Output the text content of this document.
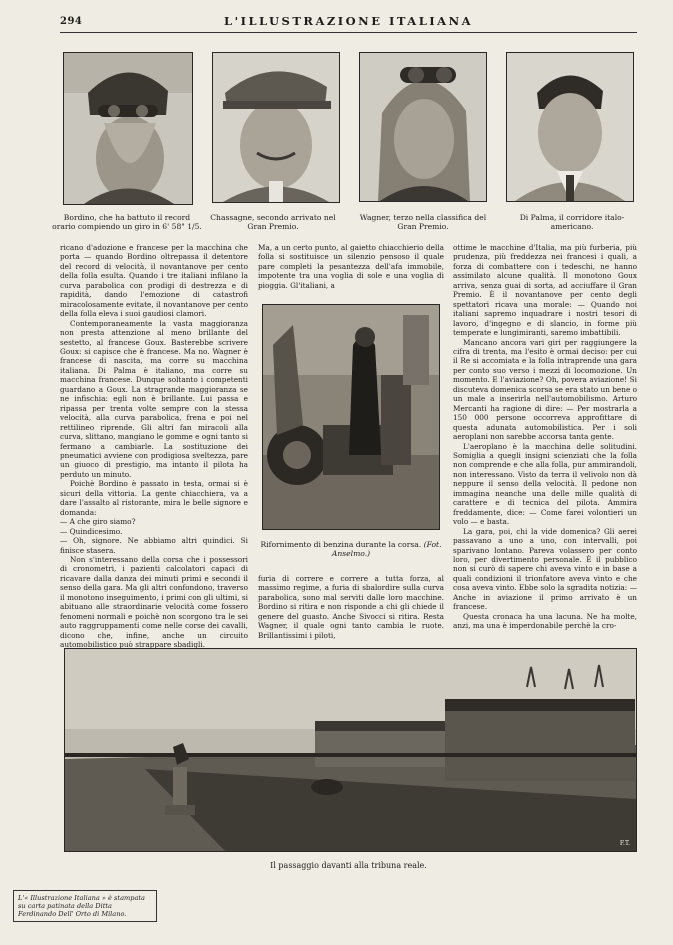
294	L'ILLUSTRAZIONE ITALIANA
Bordino, che ha battuto il record orario compiendo un giro in 6' 58" 1/5.
Chassagne, secondo arrivato nel Gran Premio.
Wagner, terzo nella classifica del Gran Premio.
Di Palma, il corridore italo-americano.

ricano d'adozione e francese per la macchina che porta — quando Bordino oltrepassa il detentore del record di velocità, il novantanove per cento della folla esulta. Quando i tre italiani infilano la curva parabolica con prodigi di destrezza e di rapidità, dando l'emozione di catastrofi miracolosamente evitate, il novantanove per cento della folla eleva i suoi gaudiosi clamori.

Contemporaneamente la vasta maggioranza non presta attenzione al meno brillante del sestetto, al francese Goux. Basterebbe scrivere Goux: si capisce che è francese. Ma no. Wagner è francese di nascita, ma corre su macchina italiana. Di Palma è italiano, ma corre su macchina francese. Dunque soltanto i competenti guardano a Goux. La stragrande maggioranza se ne infischia: egli non è brillante. Lui passa e ripassa per trenta volte sempre con la stessa velocità, alla curva parabolica, frena e poi nel rettilineo riprende. Gli altri fan miracoli alla curva, slittano, mangiano le gomme e ogni tanto si fermano a cambiarle. La sostituzione dei pneumatici avviene con prodigiosa sveltezza, pare un giuoco di prestigio, ma intanto il pilota ha perduto un minuto.

Poichè Bordino è passato in testa, ormai si è sicuri della vittoria. La gente chiacchiera, va a dare l'assalto al ristorante, mira le belle signore e domanda:

— A che giro siamo?

— Quindicesimo.

— Oh, signore. Ne abbiamo altri quindici. Si finisce stasera.

Non s'interessano della corsa che i possessori di cronometri, i pazienti calcolatori capaci di ricavare dalla danza dei minuti primi e secondi il senso della gara. Ma gli altri confondono, traverso il monotono inseguimento, i primi con gli ultimi, si abituano alle straordinarie velocità come fossero fenomeni normali e poichè non scorgono tra le sei auto raggruppamenti come nelle corse dei cavalli, dicono che, infine, anche un circuito automobilistico può strappare sbadigli.

Ma, a un certo punto, al gaietto chiacchierio della folla si sostituisce un silenzio pensoso il quale pare completi la pesantezza dell'afa immobile, impotente tra una voglia di sole e una voglia di pioggia. Gl'italiani, a

Rifornimento di benzina durante la corsa. (Fot. Anselmo.)

furia di correre e correre a tutta forza, al massimo regime, a furia di sbalordire sulla curva parabolica, sono mal serviti dalle loro macchine. Bordino si ritira e non risponde a chi gli chiede il genere del guasto. Anche Sivocci si ritira. Resta Wagner, il quale ogni tanto cambia le ruote. Brillantissimi i piloti,

ottime le macchine d'Italia, ma più furberia, più prudenza, più freddezza nei francesi i quali, a forza di combattere con i tedeschi, ne hanno assimilato alcune qualità. Il monotono Goux arriva, senza guai di sorta, ad acciuffare il Gran Premio. È il novantanove per cento degli spettatori ricava una morale: — Quando noi italiani sapremo inquadrare i nostri tesori di lavoro, d'ingegno e di slancio, in forme più temperate e lungimiranti, saremo imbattibili.

Mancano ancora vari giri per raggiungere la cifra di trenta, ma l'esito è ormai deciso: per cui il Re si accomiata e la folla intraprende una gara per conto suo verso i mezzi di locomozione. Un momento. E l'aviazione? Oh, povera aviazione! Si discuteva domenica scorsa se era stato un bene o un male a inserirla nell'automobilismo. Arturo Mercanti ha ragione di dire: — Per mostrarla a 150 000 persone occorreva approfittare di questa adunata automobilistica. Per i soli aeroplani non sarebbe accorsa tanta gente.

L'aeroplano è la macchina delle solitudini. Somiglia a quegli insigni scienziati che la folla non comprende e che alla folla, pur ammirandoli, non interessano. Visto da terra il velivolo non dà neppure il senso della velocità. Il pedone non immagina neanche una delle mille qualità di carattere e di tecnica del pilota. Ammira freddamente, dice: — Come farei volontieri un volo — e basta.

La gara, poi, chi la vide domenica? Gli aerei passavano a uno a uno, con intervalli, poi sparivano lontano. Pareva volassero per conto loro, per divertimento personale. È il pubblico non si curò di sapere chi aveva vinto e in base a quali condizioni il trionfatore aveva vinto e che cosa aveva vinto. Ebbe solo la sgradita notizia: — Anche in aviazione il primo arrivato è un francese.

Questa cronaca ha una lacuna. Ne ha molte, anzi, ma una è imperdonabile perchè la cro-

F.T.
Il passaggio davanti alla tribuna reale.
L'« Illustrazione Italiana » è stampata su carta patinata della Ditta Ferdinando Dell' Orto di Milano.
